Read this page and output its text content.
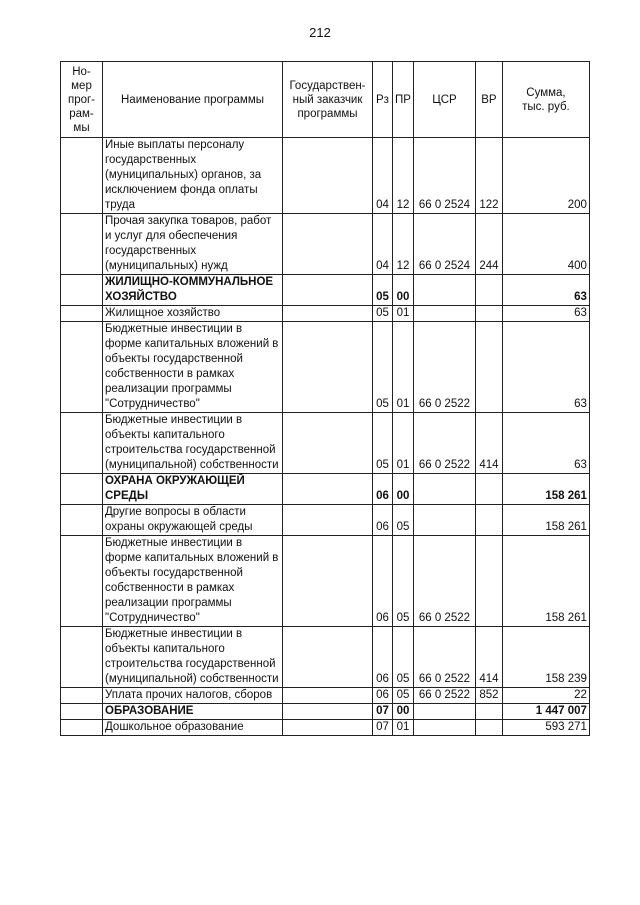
212
Но-
мер
прог-
рам-
мы	Наименование программы	Государствен-
ный заказчик
программы	Рз	ПР	ЦСР	ВР	Сумма,
тыс. руб.
	Иные выплаты персоналу государственных (муниципальных) органов, за исключением фонда оплаты труда		04	12	66 0 2524	122	200
	Прочая закупка товаров, работ и услуг для обеспечения государственных (муниципальных) нужд		04	12	66 0 2524	244	400
	ЖИЛИЩНО-КОММУНАЛЬНОЕ ХОЗЯЙСТВО		05	00			63
	Жилищное хозяйство		05	01			63
	Бюджетные инвестиции в форме капитальных вложений в объекты государственной собственности в рамках реализации программы "Сотрудничество"		05	01	66 0 2522		63
	Бюджетные инвестиции в объекты капитального строительства государственной (муниципальной) собственности		05	01	66 0 2522	414	63
	ОХРАНА ОКРУЖАЮЩЕЙ СРЕДЫ		06	00			158 261
	Другие вопросы в области охраны окружающей среды		06	05			158 261
	Бюджетные инвестиции в форме капитальных вложений в объекты государственной собственности в рамках реализации программы "Сотрудничество"		06	05	66 0 2522		158 261
	Бюджетные инвестиции в объекты капитального строительства государственной (муниципальной) собственности		06	05	66 0 2522	414	158 239
	Уплата прочих налогов, сборов		06	05	66 0 2522	852	22
	ОБРАЗОВАНИЕ		07	00			1 447 007
	Дошкольное образование		07	01			593 271
